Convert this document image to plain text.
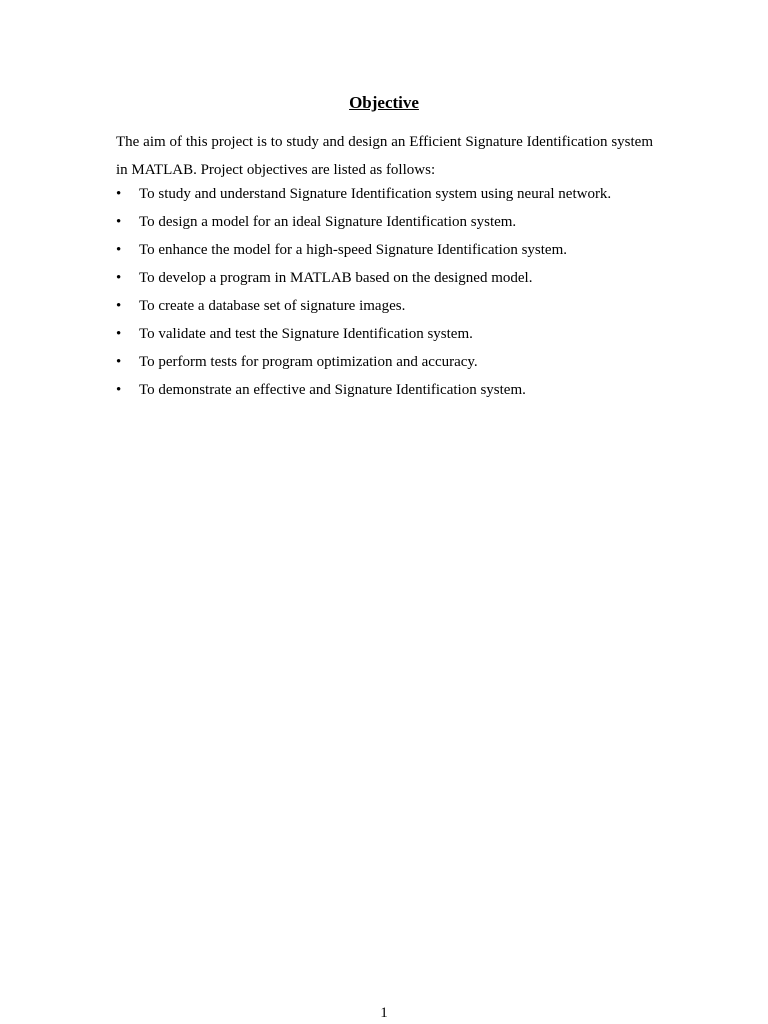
Objective

The aim of this project is to study and design an Efficient Signature Identification system in MATLAB. Project objectives are listed as follows:

•	To study and understand Signature Identification system using neural network.
•	To design a model for an ideal Signature Identification system.
•	To enhance the model for a high-speed Signature Identification system.
•	To develop a program in MATLAB based on the designed model.
•	To create a database set of signature images.
•	To validate and test the Signature Identification system.
•	To perform tests for program optimization and accuracy.
•	To demonstrate an effective and Signature Identification system.
1
